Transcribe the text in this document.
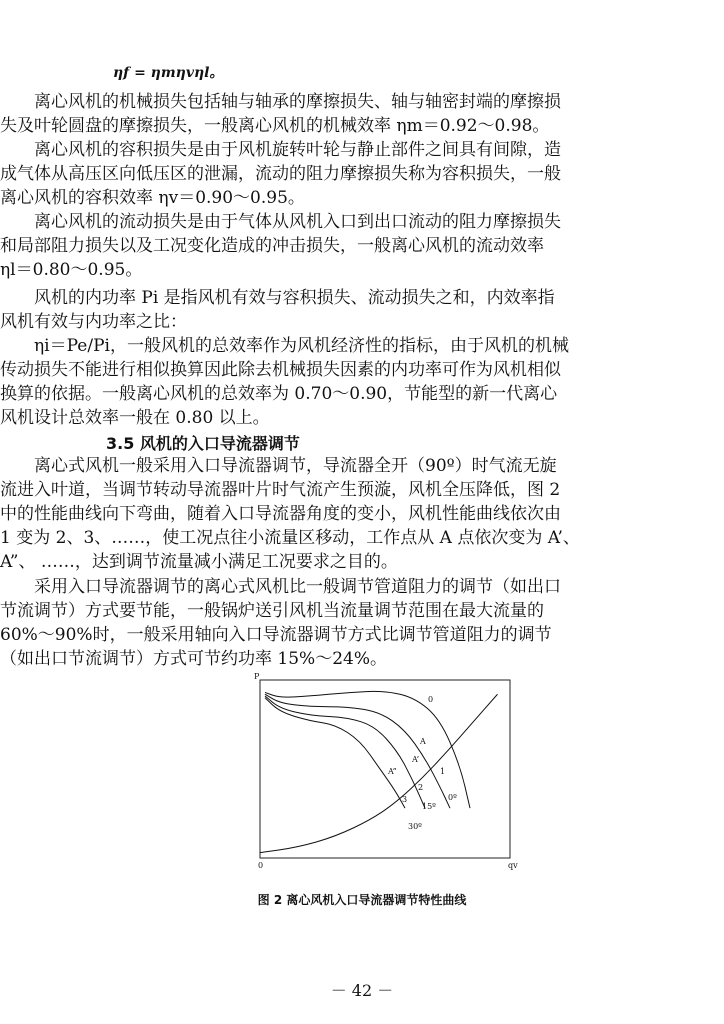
ηf = ηmηvηl。
　　离心风机的机械损失包括轴与轴承的摩擦损失、轴与轴密封端的摩擦损
失及叶轮圆盘的摩擦损失，一般离心风机的机械效率 ηm＝0.92～0.98。
　　离心风机的容积损失是由于风机旋转叶轮与静止部件之间具有间隙，造
成气体从高压区向低压区的泄漏，流动的阻力摩擦损失称为容积损失，一般
离心风机的容积效率 ηv＝0.90～0.95。
　　离心风机的流动损失是由于气体从风机入口到出口流动的阻力摩擦损失
和局部阻力损失以及工况变化造成的冲击损失，一般离心风机的流动效率
ηl＝0.80～0.95。
　　风机的内功率 Pi 是指风机有效与容积损失、流动损失之和，内效率指
风机有效与内功率之比：
　　ηi＝Pe/Pi，一般风机的总效率作为风机经济性的指标，由于风机的机械
传动损失不能进行相似换算因此除去机械损失因素的内功率可作为风机相似
换算的依据。一般离心风机的总效率为 0.70～0.90，节能型的新一代离心
风机设计总效率一般在 0.80 以上。
3.5 风机的入口导流器调节
　　离心式风机一般采用入口导流器调节，导流器全开（90º）时气流无旋
流进入叶道，当调节转动导流器叶片时气流产生预漩，风机全压降低，图 2
中的性能曲线向下弯曲，随着入口导流器角度的变小，风机性能曲线依次由
1 变为 2、3、……，使工况点往小流量区移动，工作点从 A 点依次变为 A’、
A”、 ……，达到调节流量减小满足工况要求之目的。
　　采用入口导流器调节的离心式风机比一般调节管道阻力的调节（如出口
节流调节）方式要节能，一般锅炉送引风机当流量调节范围在最大流量的
60%～90%时，一般采用轴向入口导流器调节方式比调节管道阻力的调节
（如出口节流调节）方式可节约功率 15%～24%。
P
qv
0
0
1
2
3
A
A’
A”
0º
15º
30º
图 2 离心风机入口导流器调节特性曲线
－ 42 －
